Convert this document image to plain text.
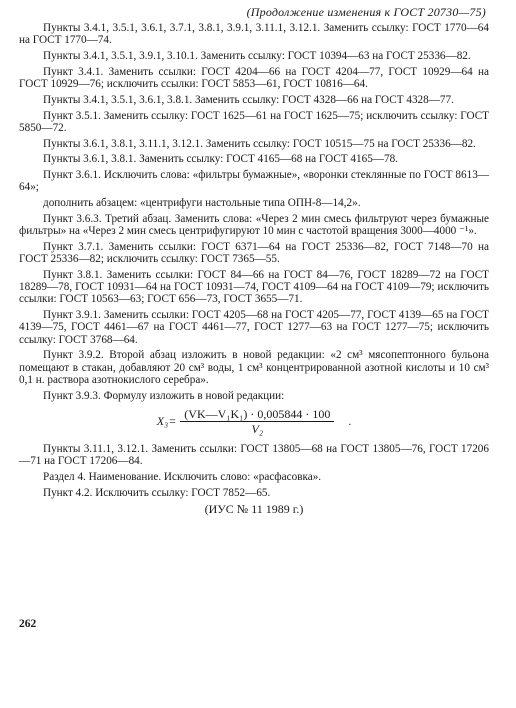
(Продолжение изменения к ГОСТ 20730—75)

Пункты 3.4.1, 3.5.1, 3.6.1, 3.7.1, 3.8.1, 3.9.1, 3.11.1, 3.12.1. Заменить ссылку: ГОСТ 1770—64 на ГОСТ 1770—74.

Пункты 3.4.1, 3.5.1, 3.9.1, 3.10.1. Заменить ссылку: ГОСТ 10394—63 на ГОСТ 25336—82.

Пункт 3.4.1. Заменить ссылки: ГОСТ 4204—66 на ГОСТ 4204—77, ГОСТ 10929—64 на ГОСТ 10929—76; исключить ссылки: ГОСТ 5853—61, ГОСТ 10816—64.

Пункты 3.4.1, 3.5.1, 3.6.1, 3.8.1. Заменить ссылку: ГОСТ 4328—66 на ГОСТ 4328—77.

Пункт 3.5.1. Заменить ссылку: ГОСТ 1625—61 на ГОСТ 1625—75; исключить ссылку: ГОСТ 5850—72.

Пункты 3.6.1, 3.8.1, 3.11.1, 3.12.1. Заменить ссылку: ГОСТ 10515—75 на ГОСТ 25336—82.

Пункты 3.6.1, 3.8.1. Заменить ссылку: ГОСТ 4165—68 на ГОСТ 4165—78.

Пункт 3.6.1. Исключить слова: «фильтры бумажные», «воронки стеклянные по ГОСТ 8613—64»;

дополнить абзацем: «центрифуги настольные типа ОПН-8—14,2».

Пункт 3.6.3. Третий абзац. Заменить слова: «Через 2 мин смесь фильтруют через бумажные фильтры» на «Через 2 мин смесь центрифугируют 10 мин с частотой вращения 3000—4000 ⁻¹».

Пункт 3.7.1. Заменить ссылки: ГОСТ 6371—64 на ГОСТ 25336—82, ГОСТ 7148—70 на ГОСТ 25336—82; исключить ссылку: ГОСТ 7365—55.

Пункт 3.8.1. Заменить ссылки: ГОСТ 84—66 на ГОСТ 84—76, ГОСТ 18289—72 на ГОСТ 18289—78, ГОСТ 10931—64 на ГОСТ 10931—74, ГОСТ 4109—64 на ГОСТ 4109—79; исключить ссылки: ГОСТ 10563—63; ГОСТ 656—73, ГОСТ 3655—71.

Пункт 3.9.1. Заменить ссылки: ГОСТ 4205—68 на ГОСТ 4205—77, ГОСТ 4139—65 на ГОСТ 4139—75, ГОСТ 4461—67 на ГОСТ 4461—77, ГОСТ 1277—63 на ГОСТ 1277—75; исключить ссылку: ГОСТ 3768—64.

Пункт 3.9.2. Второй абзац изложить в новой редакции: «2 см³ мясопептонного бульона помещают в стакан, добавляют 20 см³ воды, 1 см³ концентрированной азотной кислоты и 10 см³ 0,1 н. раствора азотнокислого серебра».

Пункт 3.9.3. Формулу изложить в новой редакции:

$X_3= \frac{\text{(VK—V₁K₁) · 0,005844 · 100}}{\text{V₂}}$ .

Пункты 3.11.1, 3.12.1. Заменить ссылки: ГОСТ 13805—68 на ГОСТ 13805—76, ГОСТ 17206—71 на ГОСТ 17206—84.

Раздел 4. Наименование. Исключить слово: «расфасовка».

Пункт 4.2. Исключить ссылку: ГОСТ 7852—65.

(ИУС № 11 1989 г.)
262
